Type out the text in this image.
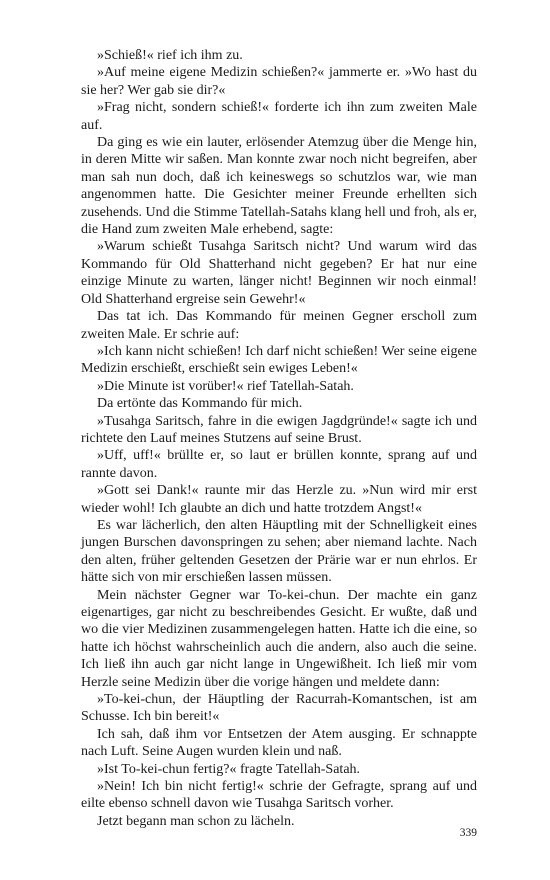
»Schieß!« rief ich ihm zu.

»Auf meine eigene Medizin schießen?« jammerte er. »Wo hast du sie her? Wer gab sie dir?«

»Frag nicht, sondern schieß!« forderte ich ihn zum zweiten Male auf.

Da ging es wie ein lauter, erlösender Atemzug über die Menge hin, in deren Mitte wir saßen. Man konnte zwar noch nicht begreifen, aber man sah nun doch, daß ich keineswegs so schutzlos war, wie man angenommen hatte. Die Gesichter meiner Freunde erhellten sich zusehends. Und die Stimme Tatellah-Satahs klang hell und froh, als er, die Hand zum zweiten Male erhebend, sagte:

»Warum schießt Tusahga Saritsch nicht? Und warum wird das Kommando für Old Shatterhand nicht gegeben? Er hat nur eine einzige Minute zu warten, länger nicht! Beginnen wir noch einmal! Old Shatterhand ergreise sein Gewehr!«

Das tat ich. Das Kommando für meinen Gegner erscholl zum zweiten Male. Er schrie auf:

»Ich kann nicht schießen! Ich darf nicht schießen! Wer seine eigene Medizin erschießt, erschießt sein ewiges Leben!«

»Die Minute ist vorüber!« rief Tatellah-Satah.

Da ertönte das Kommando für mich.

»Tusahga Saritsch, fahre in die ewigen Jagdgründe!« sagte ich und richtete den Lauf meines Stutzens auf seine Brust.

»Uff, uff!« brüllte er, so laut er brüllen konnte, sprang auf und rannte davon.

»Gott sei Dank!« raunte mir das Herzle zu. »Nun wird mir erst wieder wohl! Ich glaubte an dich und hatte trotzdem Angst!«

Es war lächerlich, den alten Häuptling mit der Schnelligkeit eines jungen Burschen davonspringen zu sehen; aber niemand lachte. Nach den alten, früher geltenden Gesetzen der Prärie war er nun ehrlos. Er hätte sich von mir erschießen lassen müssen.

Mein nächster Gegner war To-kei-chun. Der machte ein ganz eigenartiges, gar nicht zu beschreibendes Gesicht. Er wußte, daß und wo die vier Medizinen zusammengelegen hatten. Hatte ich die eine, so hatte ich höchst wahrscheinlich auch die andern, also auch die seine. Ich ließ ihn auch gar nicht lange in Ungewißheit. Ich ließ mir vom Herzle seine Medizin über die vorige hängen und meldete dann:

»To-kei-chun, der Häuptling der Racurrah-Komantschen, ist am Schusse. Ich bin bereit!«

Ich sah, daß ihm vor Entsetzen der Atem ausging. Er schnappte nach Luft. Seine Augen wurden klein und naß.

»Ist To-kei-chun fertig?« fragte Tatellah-Satah.

»Nein! Ich bin nicht fertig!« schrie der Gefragte, sprang auf und eilte ebenso schnell davon wie Tusahga Saritsch vorher.

Jetzt begann man schon zu lächeln.

339
